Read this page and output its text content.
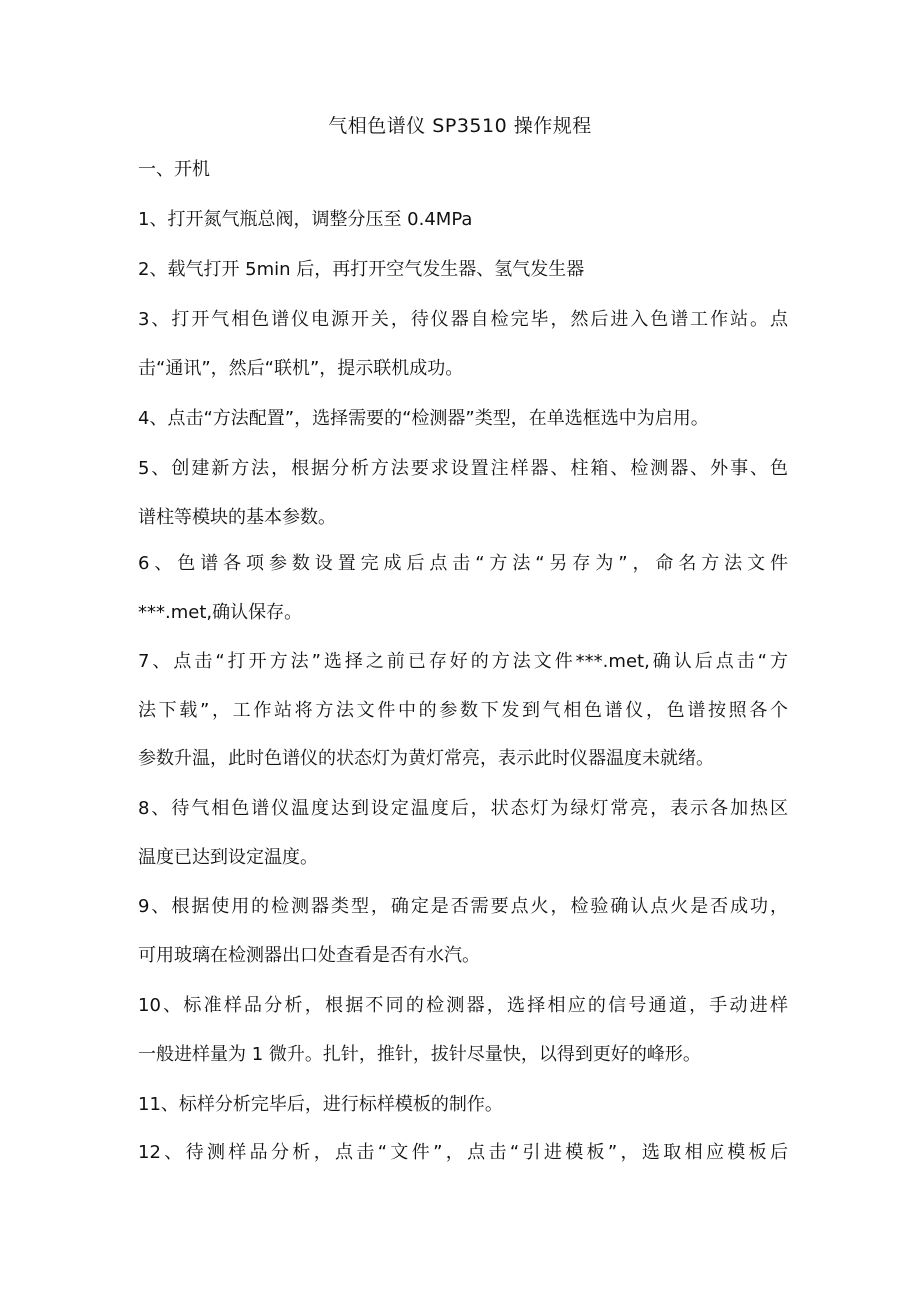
气相色谱仪 SP3510 操作规程
一、开机
1、打开氮气瓶总阀，调整分压至 0.4MPa
2、载气打开 5min 后，再打开空气发生器、氢气发生器
3、打开气相色谱仪电源开关，待仪器自检完毕，然后进入色谱工作站。点
击“通讯”，然后“联机”，提示联机成功。
4、点击“方法配置”，选择需要的“检测器”类型，在单选框选中为启用。
5、创建新方法，根据分析方法要求设置注样器、柱箱、检测器、外事、色
谱柱等模块的基本参数。
6、色谱各项参数设置完成后点击“方法“另存为”，命名方法文件
***.met,确认保存。
7、点击“打开方法”选择之前已存好的方法文件***.met,确认后点击“方
法下载”，工作站将方法文件中的参数下发到气相色谱仪，色谱按照各个
参数升温，此时色谱仪的状态灯为黄灯常亮，表示此时仪器温度未就绪。
8、待气相色谱仪温度达到设定温度后，状态灯为绿灯常亮，表示各加热区
温度已达到设定温度。
9、根据使用的检测器类型，确定是否需要点火，检验确认点火是否成功，
可用玻璃在检测器出口处查看是否有水汽。
10、标准样品分析，根据不同的检测器，选择相应的信号通道，手动进样
一般进样量为 1 微升。扎针，推针，拔针尽量快，以得到更好的峰形。
11、标样分析完毕后，进行标样模板的制作。
12、待测样品分析，点击“文件”，点击“引进模板”，选取相应模板后
